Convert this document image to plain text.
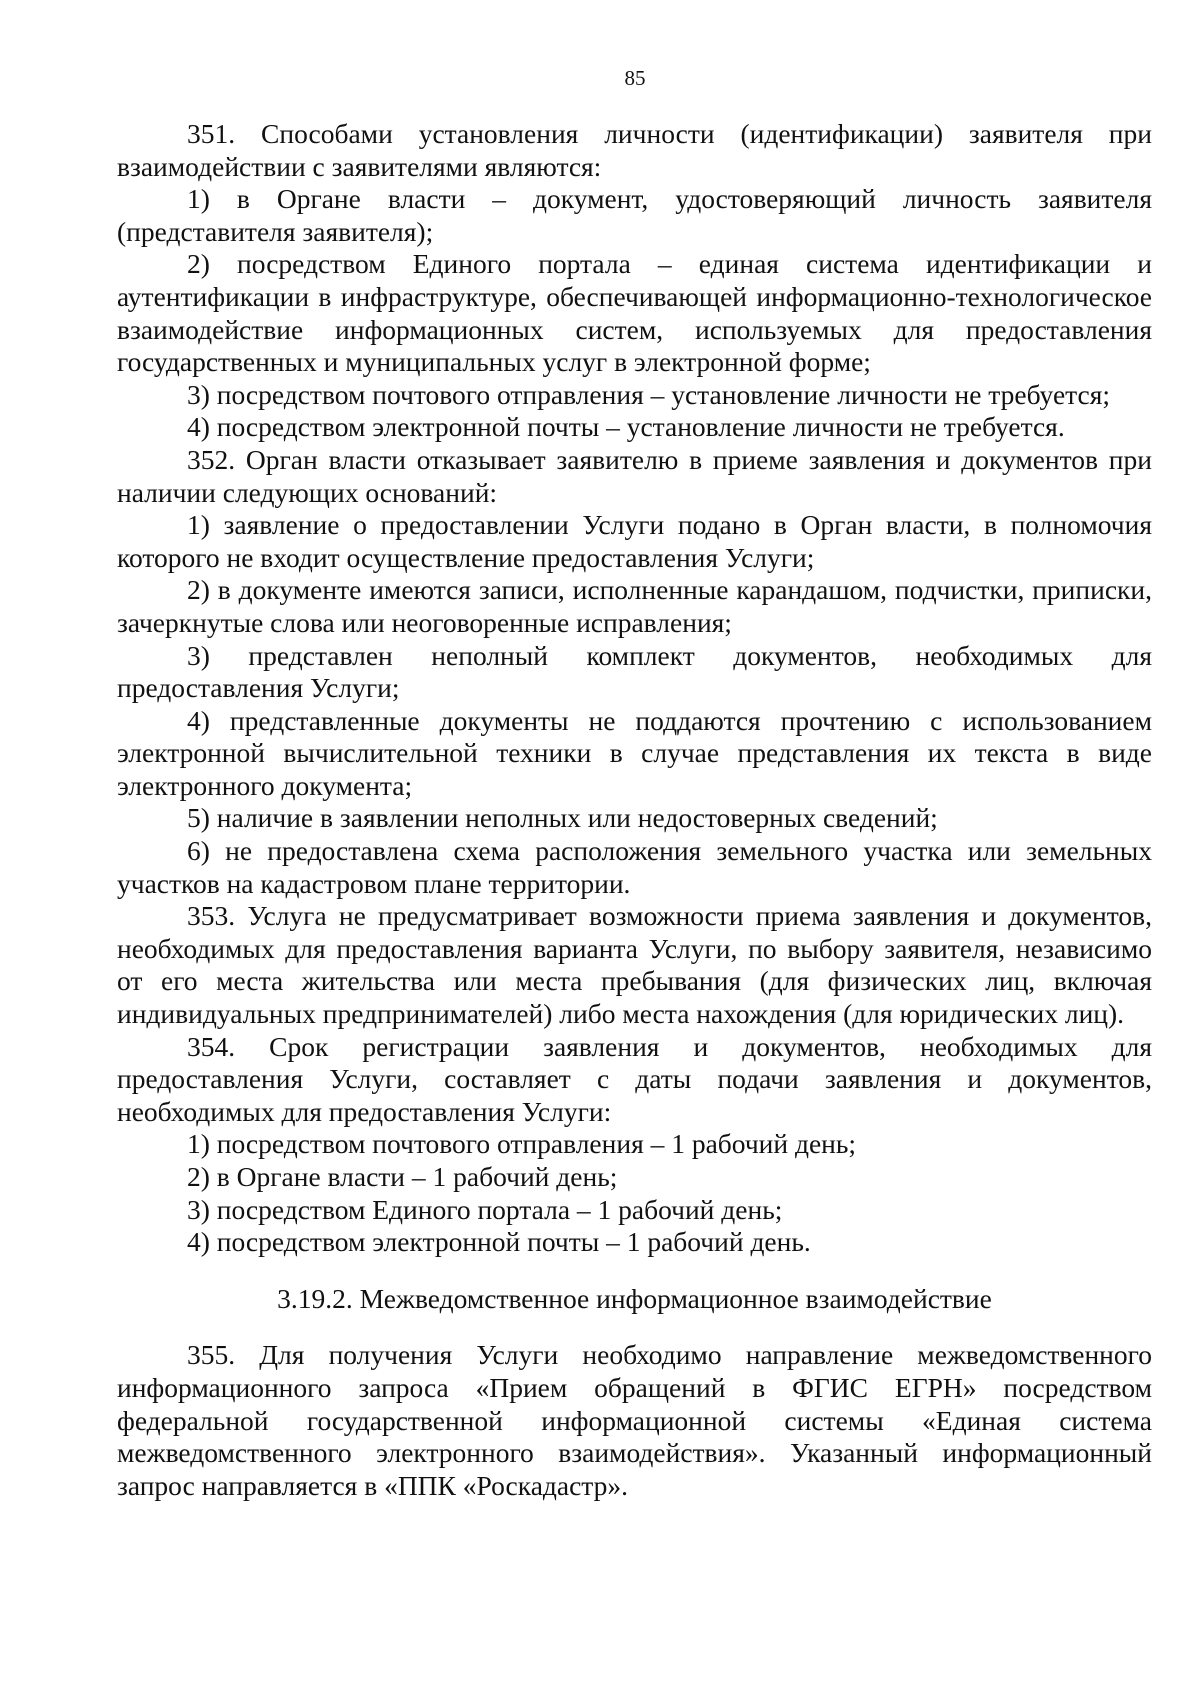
85

351. Способами установления личности (идентификации) заявителя при взаимодействии с заявителями являются:

1) в Органе власти – документ, удостоверяющий личность заявителя (представителя заявителя);

2) посредством Единого портала – единая система идентификации и аутентификации в инфраструктуре, обеспечивающей информационно-технологическое взаимодействие информационных систем, используемых для предоставления государственных и муниципальных услуг в электронной форме;

3) посредством почтового отправления – установление личности не требуется;

4) посредством электронной почты – установление личности не требуется.

352. Орган власти отказывает заявителю в приеме заявления и документов при наличии следующих оснований:

1) заявление о предоставлении Услуги подано в Орган власти, в полномочия которого не входит осуществление предоставления Услуги;

2) в документе имеются записи, исполненные карандашом, подчистки, приписки, зачеркнутые слова или неоговоренные исправления;

3) представлен неполный комплект документов, необходимых для предоставления Услуги;

4) представленные документы не поддаются прочтению с использованием электронной вычислительной техники в случае представления их текста в виде электронного документа;

5) наличие в заявлении неполных или недостоверных сведений;

6) не предоставлена схема расположения земельного участка или земельных участков на кадастровом плане территории.

353. Услуга не предусматривает возможности приема заявления и документов, необходимых для предоставления варианта Услуги, по выбору заявителя, независимо от его места жительства или места пребывания (для физических лиц, включая индивидуальных предпринимателей) либо места нахождения (для юридических лиц).

354. Срок регистрации заявления и документов, необходимых для предоставления Услуги, составляет с даты подачи заявления и документов, необходимых для предоставления Услуги:

1) посредством почтового отправления – 1 рабочий день;

2) в Органе власти – 1 рабочий день;

3) посредством Единого портала – 1 рабочий день;

4) посредством электронной почты – 1 рабочий день.

3.19.2. Межведомственное информационное взаимодействие

355. Для получения Услуги необходимо направление межведомственного информационного запроса «Прием обращений в ФГИС ЕГРН» посредством федеральной государственной информационной системы «Единая система межведомственного электронного взаимодействия». Указанный информационный запрос направляется в «ППК «Роскадастр».
